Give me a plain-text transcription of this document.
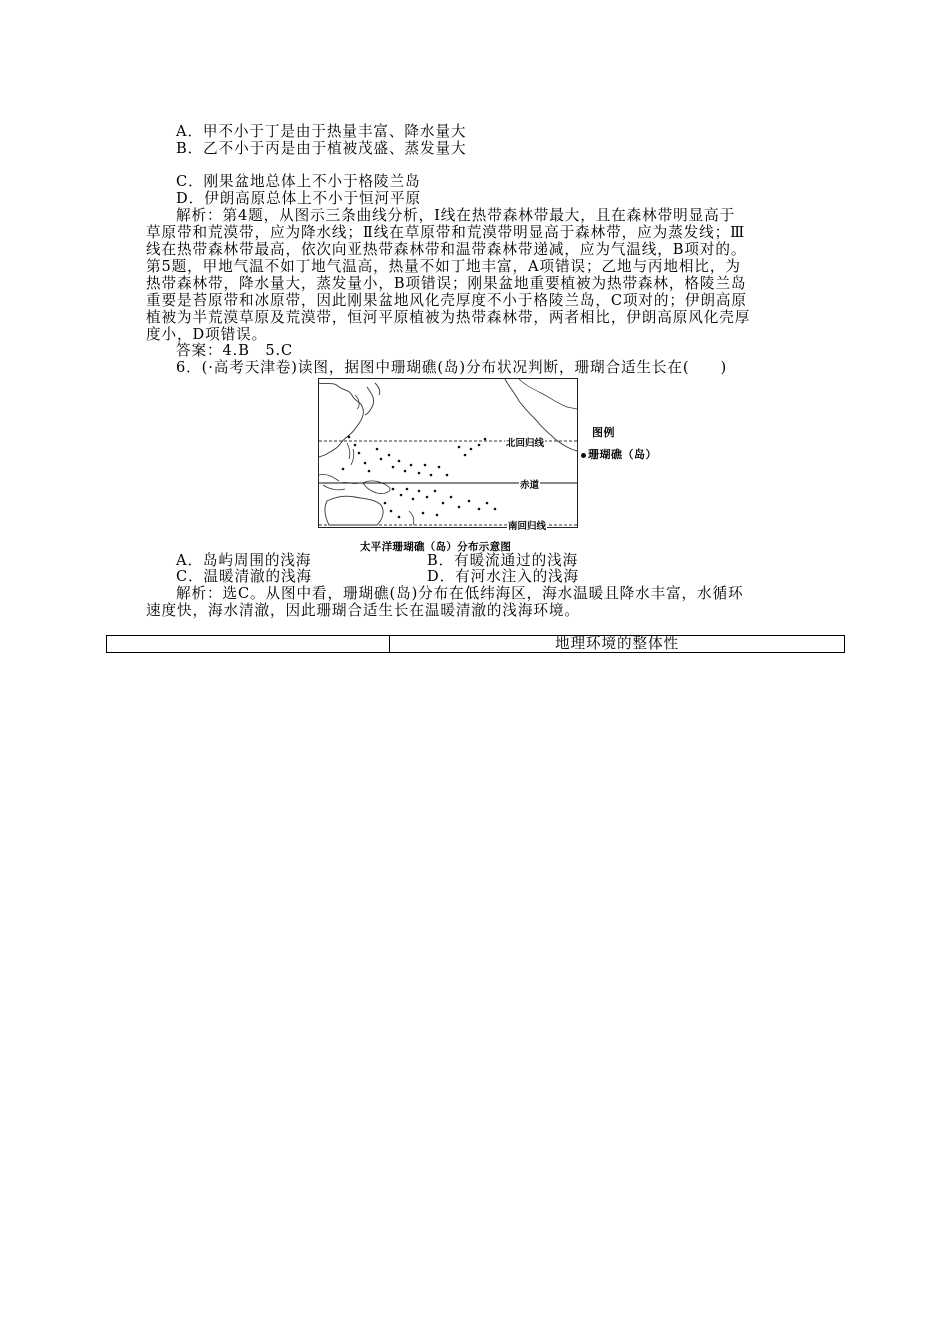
A．甲不小于丁是由于热量丰富、降水量大
B．乙不小于丙是由于植被茂盛、蒸发量大
C．刚果盆地总体上不小于格陵兰岛
D．伊朗高原总体上不小于恒河平原
解析：第4题，从图示三条曲线分析，Ⅰ线在热带森林带最大，且在森林带明显高于
草原带和荒漠带，应为降水线；Ⅱ线在草原带和荒漠带明显高于森林带，应为蒸发线；Ⅲ
线在热带森林带最高，依次向亚热带森林带和温带森林带递减，应为气温线，B项对的。
第5题，甲地气温不如丁地气温高，热量不如丁地丰富，A项错误；乙地与丙地相比，为
热带森林带，降水量大，蒸发量小，B项错误；刚果盆地重要植被为热带森林，格陵兰岛
重要是苔原带和冰原带，因此刚果盆地风化壳厚度不小于格陵兰岛，C项对的；伊朗高原
植被为半荒漠草原及荒漠带，恒河平原植被为热带森林带，两者相比，伊朗高原风化壳厚
度小，D项错误。
答案：4.B　5.C
6．(·高考天津卷)读图，据图中珊瑚礁(岛)分布状况判断，珊瑚合适生长在(　　)
北回归线
赤道
南回归线
图例
珊瑚礁（岛）
太平洋珊瑚礁（岛）分布示意图
A．岛屿周围的浅海	B．有暖流通过的浅海
C．温暖清澈的浅海	D．有河水注入的浅海
解析：选C。从图中看，珊瑚礁(岛)分布在低纬海区，海水温暖且降水丰富，水循环
速度快，海水清澈，因此珊瑚合适生长在温暖清澈的浅海环境。
	地理环境的整体性
